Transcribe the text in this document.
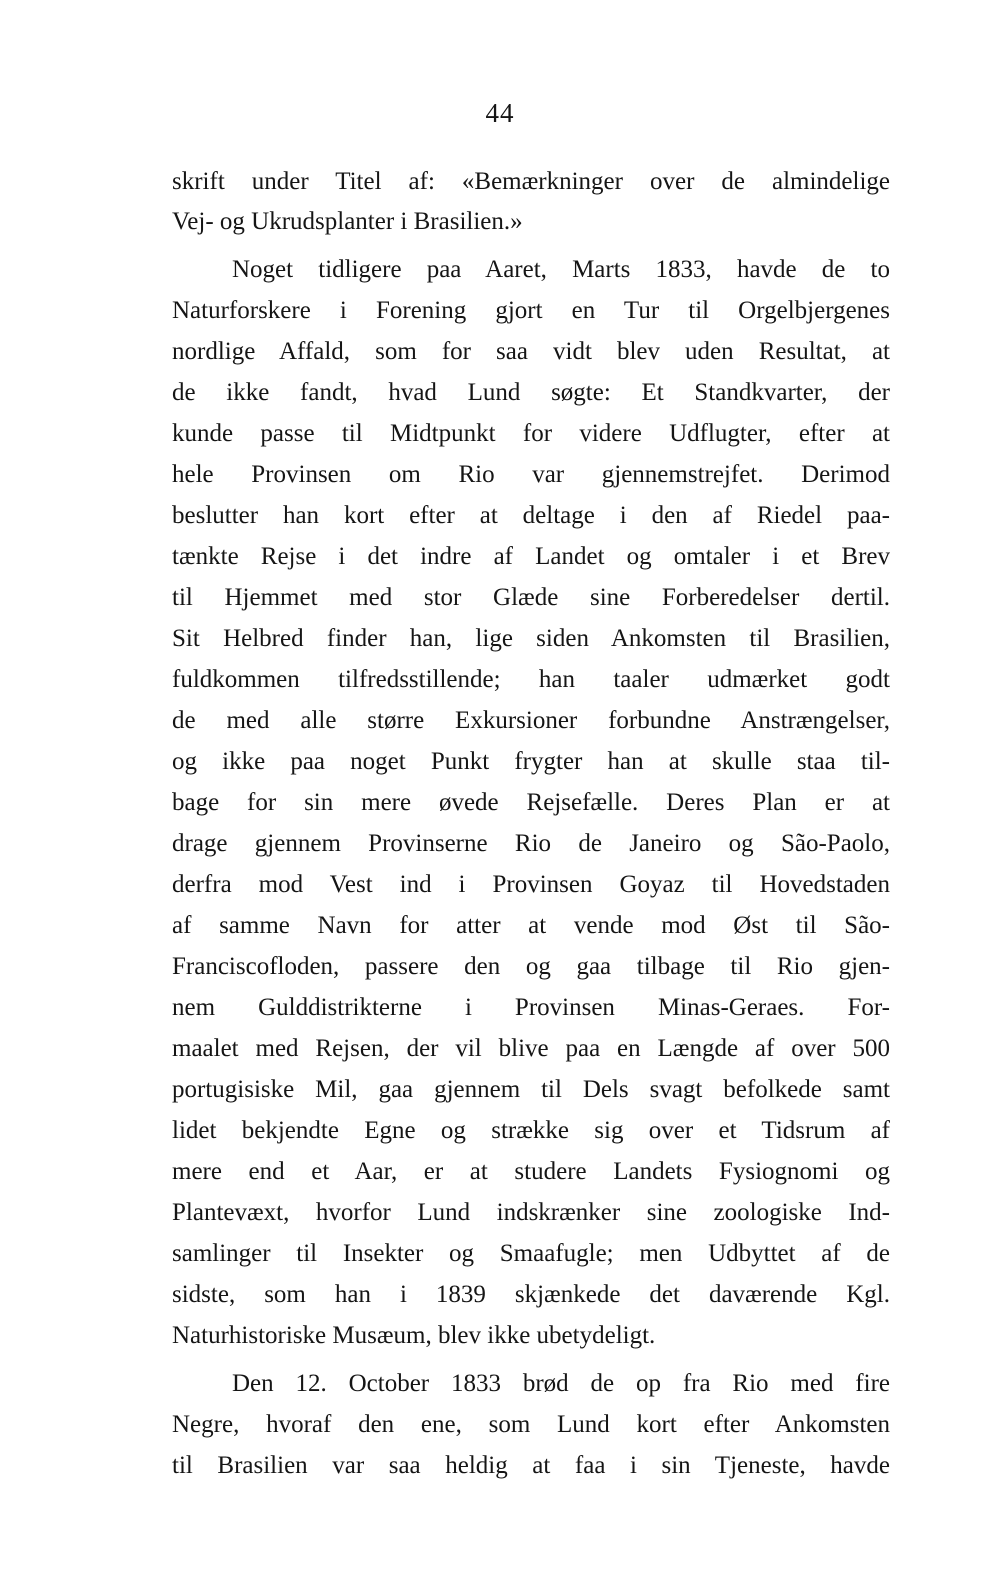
44
skrift under Titel af: «Bemærkninger over de almindelige
Vej- og Ukrudsplanter i Brasilien.»
Noget tidligere paa Aaret, Marts 1833, havde de to
Naturforskere i Forening gjort en Tur til Orgelbjergenes
nordlige Affald, som for saa vidt blev uden Resultat, at
de ikke fandt, hvad Lund søgte: Et Standkvarter, der
kunde passe til Midtpunkt for videre Udflugter, efter at
hele Provinsen om Rio var gjennemstrejfet. Derimod
beslutter han kort efter at deltage i den af Riedel paa-
tænkte Rejse i det indre af Landet og omtaler i et Brev
til Hjemmet med stor Glæde sine Forberedelser dertil.
Sit Helbred finder han, lige siden Ankomsten til Brasilien,
fuldkommen tilfredsstillende; han taaler udmærket godt
de med alle større Exkursioner forbundne Anstrængelser,
og ikke paa noget Punkt frygter han at skulle staa til-
bage for sin mere øvede Rejsefælle. Deres Plan er at
drage gjennem Provinserne Rio de Janeiro og São-Paolo,
derfra mod Vest ind i Provinsen Goyaz til Hovedstaden
af samme Navn for atter at vende mod Øst til São-
Franciscofloden, passere den og gaa tilbage til Rio gjen-
nem Gulddistrikterne i Provinsen Minas-Geraes. For-
maalet med Rejsen, der vil blive paa en Længde af over 500
portugisiske Mil, gaa gjennem til Dels svagt befolkede samt
lidet bekjendte Egne og strække sig over et Tidsrum af
mere end et Aar, er at studere Landets Fysiognomi og
Plantevæxt, hvorfor Lund indskrænker sine zoologiske Ind-
samlinger til Insekter og Smaafugle; men Udbyttet af de
sidste, som han i 1839 skjænkede det daværende Kgl.
Naturhistoriske Musæum, blev ikke ubetydeligt.
Den 12. October 1833 brød de op fra Rio med fire
Negre, hvoraf den ene, som Lund kort efter Ankomsten
til Brasilien var saa heldig at faa i sin Tjeneste, havde
